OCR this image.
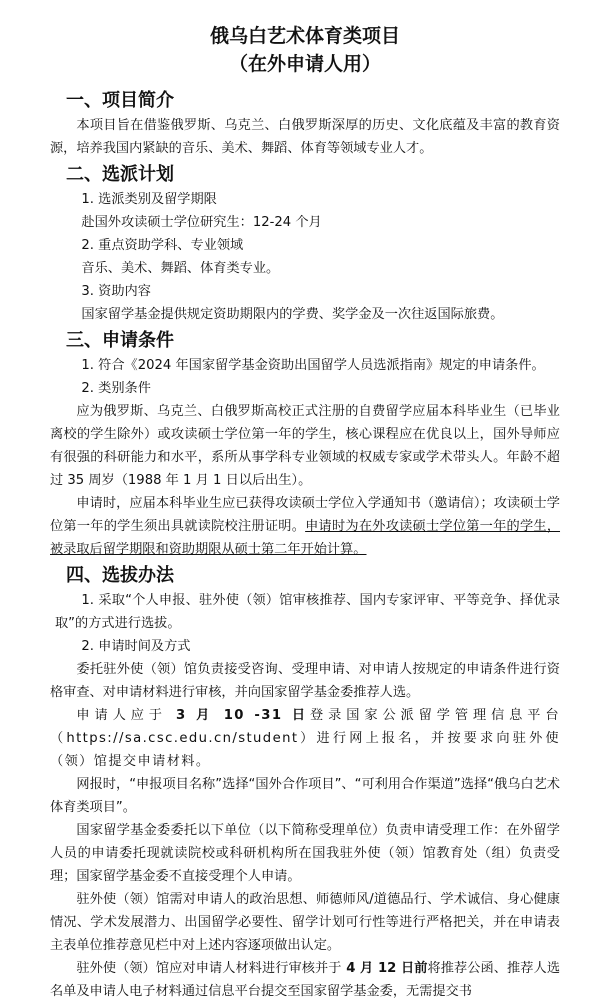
俄乌白艺术体育类项目
（在外申请人用）
一、项目简介

本项目旨在借鉴俄罗斯、乌克兰、白俄罗斯深厚的历史、文化底蕴及丰富的教育资源，培养我国内紧缺的音乐、美术、舞蹈、体育等领域专业人才。

二、选派计划

1. 选派类别及留学期限

赴国外攻读硕士学位研究生：12-24 个月

2. 重点资助学科、专业领域

音乐、美术、舞蹈、体育类专业。

3. 资助内容

国家留学基金提供规定资助期限内的学费、奖学金及一次往返国际旅费。

三、申请条件

1. 符合《2024 年国家留学基金资助出国留学人员选派指南》规定的申请条件。

2. 类别条件

应为俄罗斯、乌克兰、白俄罗斯高校正式注册的自费留学应届本科毕业生（已毕业离校的学生除外）或攻读硕士学位第一年的学生，核心课程应在优良以上，国外导师应有很强的科研能力和水平，系所从事学科专业领域的权威专家或学术带头人。年龄不超过 35 周岁（1988 年 1 月 1 日以后出生）。

申请时，应届本科毕业生应已获得攻读硕士学位入学通知书（邀请信）；攻读硕士学位第一年的学生须出具就读院校注册证明。申请时为在外攻读硕士学位第一年的学生，被录取后留学期限和资助期限从硕士第二年开始计算。

四、选拔办法

1. 采取“个人申报、驻外使（领）馆审核推荐、国内专家评审、平等竞争、择优录取”的方式进行选拔。

2. 申请时间及方式

委托驻外使（领）馆负责接受咨询、受理申请、对申请人按规定的申请条件进行资格审查、对申请材料进行审核，并向国家留学基金委推荐人选。

申请人应于 3 月 10 -31 日登录国家公派留学管理信息平台（https://sa.csc.edu.cn/student）进行网上报名，并按要求向驻外使（领）馆提交申请材料。

网报时，“申报项目名称”选择“国外合作项目”、“可利用合作渠道”选择“俄乌白艺术体育类项目”。

国家留学基金委委托以下单位（以下简称受理单位）负责申请受理工作：在外留学人员的申请委托现就读院校或科研机构所在国我驻外使（领）馆教育处（组）负责受理；国家留学基金委不直接受理个人申请。

驻外使（领）馆需对申请人的政治思想、师德师风/道德品行、学术诚信、身心健康情况、学术发展潜力、出国留学必要性、留学计划可行性等进行严格把关，并在申请表主表单位推荐意见栏中对上述内容逐项做出认定。

驻外使（领）馆应对申请人材料进行审核并于 4 月 12 日前将推荐公函、推荐人选名单及申请人电子材料通过信息平台提交至国家留学基金委，无需提交书
